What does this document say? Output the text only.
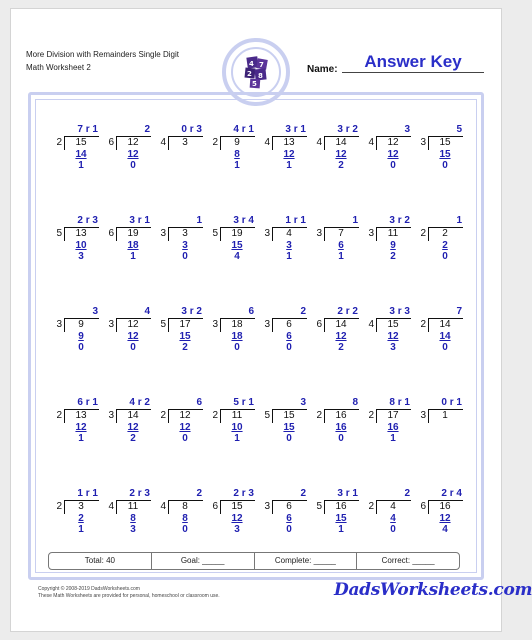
More Division with Remainders Single Digit
Math Worksheet 2	4 7
2 8
5
Name:	Answer Key
7 r 1
2	15
14
1
2
6	12
12
0
0 r 3
4	3
4 r 1
2	9
8
1
3 r 1
4	13
12
1
3 r 2
4	14
12
2
3
4	12
12
0
5
3	15
15
0
2 r 3
5	13
10
3
3 r 1
6	19
18
1
1
3	3
3
0
3 r 4
5	19
15
4
1 r 1
3	4
3
1
1
3	7
6
1
3 r 2
3	11
9
2
1
2	2
2
0
3
3	9
9
0
4
3	12
12
0
3 r 2
5	17
15
2
6
3	18
18
0
2
3	6
6
0
2 r 2
6	14
12
2
3 r 3
4	15
12
3
7
2	14
14
0
6 r 1
2	13
12
1
4 r 2
3	14
12
2
6
2	12
12
0
5 r 1
2	11
10
1
3
5	15
15
0
8
2	16
16
0
8 r 1
2	17
16
1
0 r 1
3	1
1 r 1
2	3
2
1
2 r 3
4	11
8
3
2
4	8
8
0
2 r 3
6	15
12
3
2
3	6
6
0
3 r 1
5	16
15
1
2
2	4
4
0
2 r 4
6	16
12
4
Total: 40	Goal: _____	Complete: _____	Correct: _____
Copyright © 2008-2019 DadsWorksheets.com
These Math Worksheets are provided for personal, homeschool or classroom use.	DadsWorksheets.com
